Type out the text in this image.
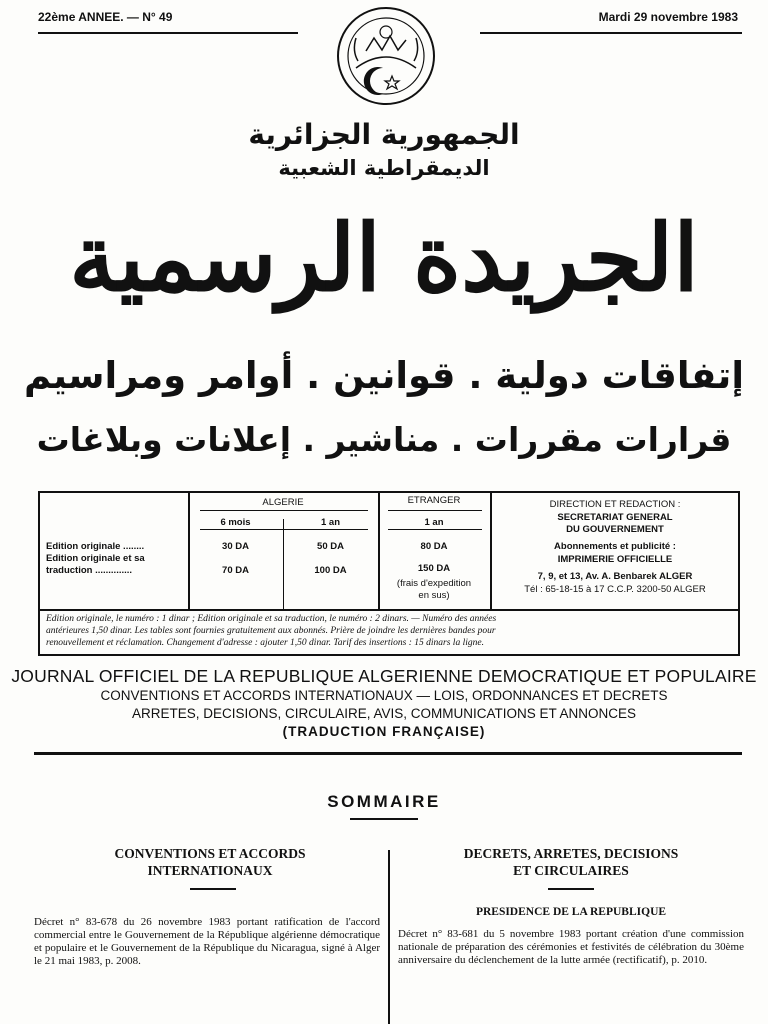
22ème ANNEE. — N° 49	Mardi 29 novembre 1983
الجمهورية الجزائرية
الديمقراطية الشعبية
الجريدة الرسمية
إتفاقات دولية . قوانين . أوامر ومراسيم
قرارات مقررات . مناشير . إعلانات وبلاغات
ALGERIE	ETRANGER
6 mois	1 an	1 an
Edition originale ........
Edition originale et sa
traduction ..............
30 DA	50 DA	80 DA
70 DA	100 DA	150 DA
(frais d'expedition
en sus)
DIRECTION ET REDACTION :
SECRETARIAT GENERAL
DU GOUVERNEMENT
Abonnements et publicité :
IMPRIMERIE OFFICIELLE
7, 9, et 13, Av. A. Benbarek ALGER
Tél : 65-18-15 à 17 C.C.P. 3200-50 ALGER
Edition originale, le numéro : 1 dinar ; Edition originale et sa traduction, le numéro : 2 dinars. — Numéro des années
antérieures 1,50 dinar. Les tables sont fournies gratuitement aux abonnés. Prière de joindre les dernières bandes pour
renouvellement et réclamation. Changement d'adresse : ajouter 1,50 dinar. Tarif des insertions : 15 dinars la ligne.
JOURNAL OFFICIEL DE LA REPUBLIQUE ALGERIENNE DEMOCRATIQUE ET POPULAIRE
CONVENTIONS ET ACCORDS INTERNATIONAUX — LOIS, ORDONNANCES ET DECRETS
ARRETES, DECISIONS, CIRCULAIRE, AVIS, COMMUNICATIONS ET ANNONCES
(TRADUCTION FRANÇAISE)
SOMMAIRE
CONVENTIONS ET ACCORDS
INTERNATIONAUX
Décret n° 83-678 du 26 novembre 1983 portant ratification de l'accord commercial entre le Gouvernement de la République algérienne démocratique et populaire et le Gouvernement de la République du Nicaragua, signé à Alger le 21 mai 1983, p. 2008.
DECRETS, ARRETES, DECISIONS
ET CIRCULAIRES
PRESIDENCE DE LA REPUBLIQUE
Décret n° 83-681 du 5 novembre 1983 portant création d'une commission nationale de préparation des cérémonies et festivités de célébration du 30ème anniversaire du déclenchement de la lutte armée (rectificatif), p. 2010.
